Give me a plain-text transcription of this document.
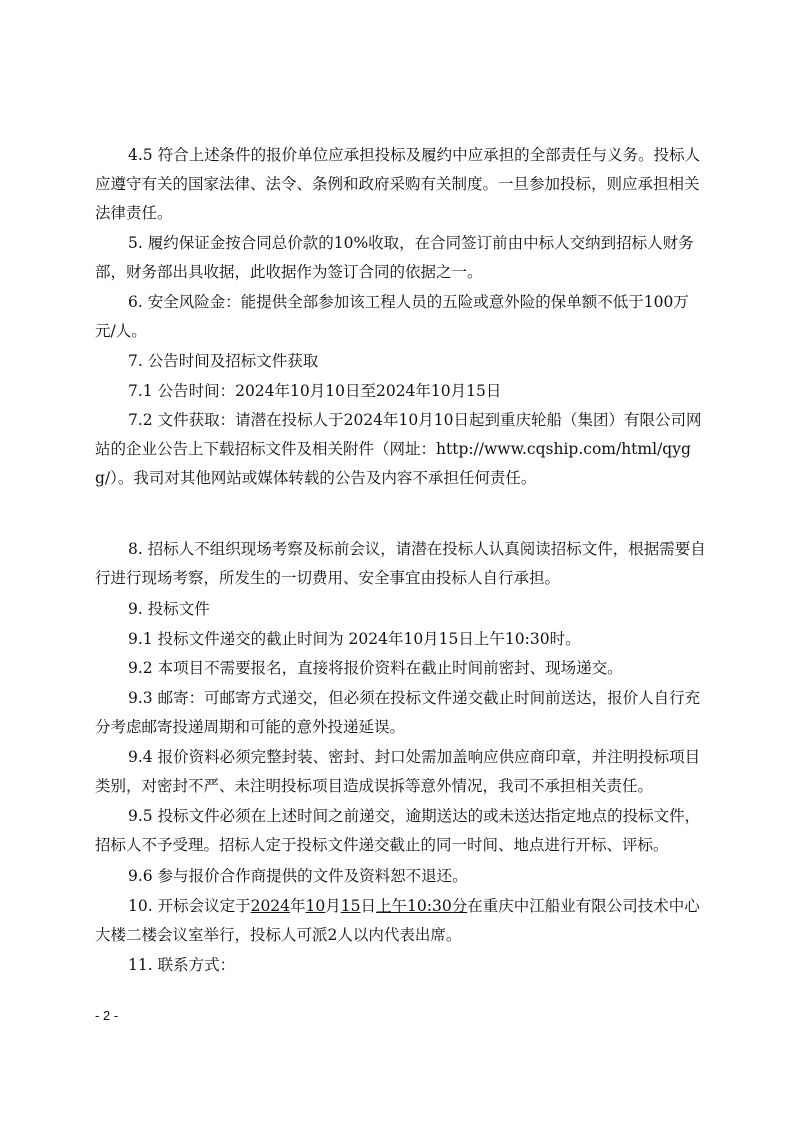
4.5 符合上述条件的报价单位应承担投标及履约中应承担的全部责任与义务。投标人应遵守有关的国家法律、法令、条例和政府采购有关制度。一旦参加投标，则应承担相关法律责任。

5. 履约保证金按合同总价款的10%收取，在合同签订前由中标人交纳到招标人财务部，财务部出具收据，此收据作为签订合同的依据之一。

6. 安全风险金：能提供全部参加该工程人员的五险或意外险的保单额不低于100万元/人。

7. 公告时间及招标文件获取

7.1 公告时间：2024年10月10日至2024年10月15日

7.2 文件获取：请潜在投标人于2024年10月10日起到重庆轮船（集团）有限公司网站的企业公告上下载招标文件及相关附件（网址：http://www.cqship.com/html/qygg/）。我司对其他网站或媒体转载的公告及内容不承担任何责任。

8. 招标人不组织现场考察及标前会议，请潜在投标人认真阅读招标文件，根据需要自行进行现场考察，所发生的一切费用、安全事宜由投标人自行承担。

9. 投标文件

9.1 投标文件递交的截止时间为 2024年10月15日上午10:30时。

9.2 本项目不需要报名，直接将报价资料在截止时间前密封、现场递交。

9.3 邮寄：可邮寄方式递交，但必须在投标文件递交截止时间前送达，报价人自行充分考虑邮寄投递周期和可能的意外投递延误。

9.4 报价资料必须完整封装、密封、封口处需加盖响应供应商印章，并注明投标项目类别，对密封不严、未注明投标项目造成误拆等意外情况，我司不承担相关责任。

9.5 投标文件必须在上述时间之前递交，逾期送达的或未送达指定地点的投标文件，招标人不予受理。招标人定于投标文件递交截止的同一时间、地点进行开标、评标。

9.6 参与报价合作商提供的文件及资料恕不退还。

10. 开标会议定于2024年10月15日上午10:30分在重庆中江船业有限公司技术中心大楼二楼会议室举行，投标人可派2人以内代表出席。

11. 联系方式：

- 2 -
